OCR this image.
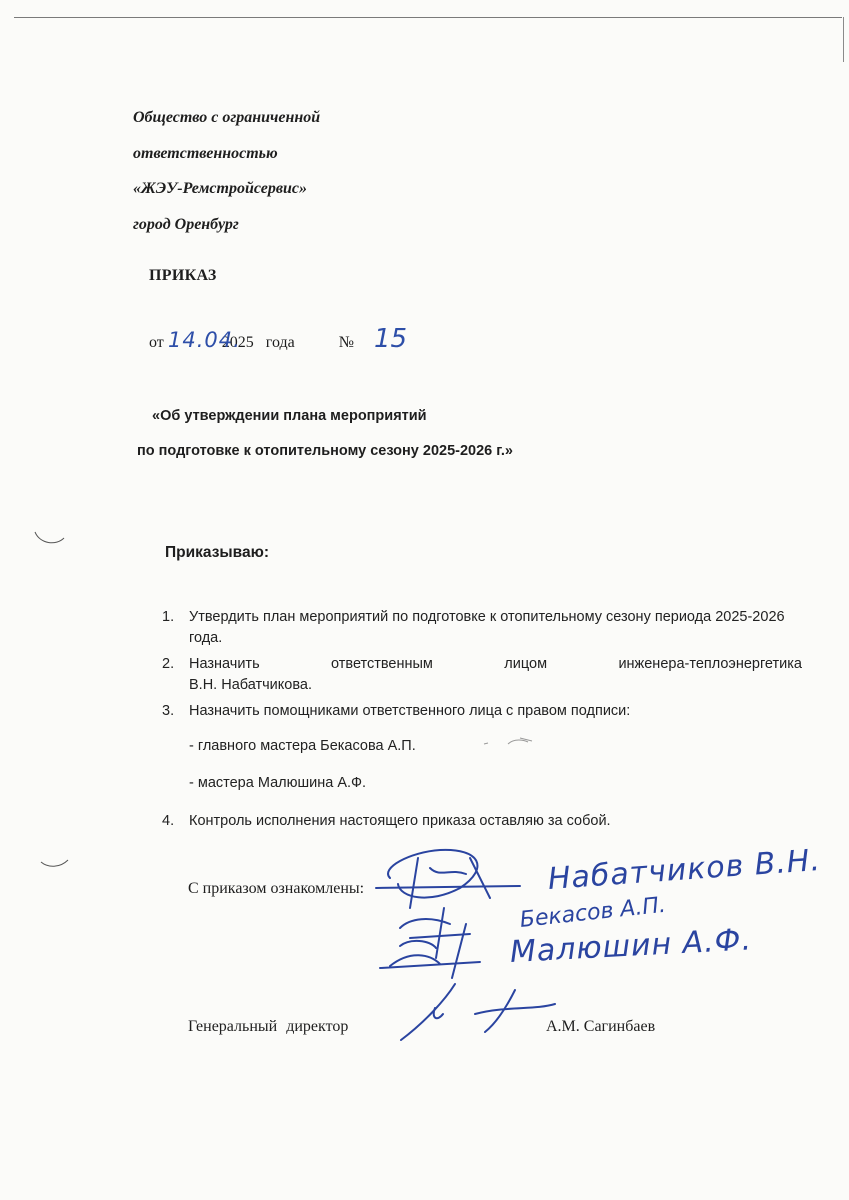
Общество с ограниченной
ответственностью
«ЖЭУ-Ремстройсервис»
город Оренбург
ПРИКАЗ
от	2025   года	№
14.04.	15
«Об утверждении плана мероприятий
по подготовке к отопительному сезону 2025-2026 г.»
Приказываю:
1. Утвердить план мероприятий по подготовке к отопительному сезону периода 2025-2026 года.
2. Назначить	ответственным	лицом	инженера-теплоэнергетика
В.Н. Набатчикова.
3. Назначить помощниками ответственного лица с правом подписи:
- главного мастера Бекасова А.П.
- мастера Малюшина А.Ф.
4. Контроль исполнения настоящего приказа оставляю за собой.
С приказом ознакомлены:	Набатчиков В.Н.
Бекасов А.П.
Малюшин А.Ф.
Генеральный директор	А.М. Сагинбаев
